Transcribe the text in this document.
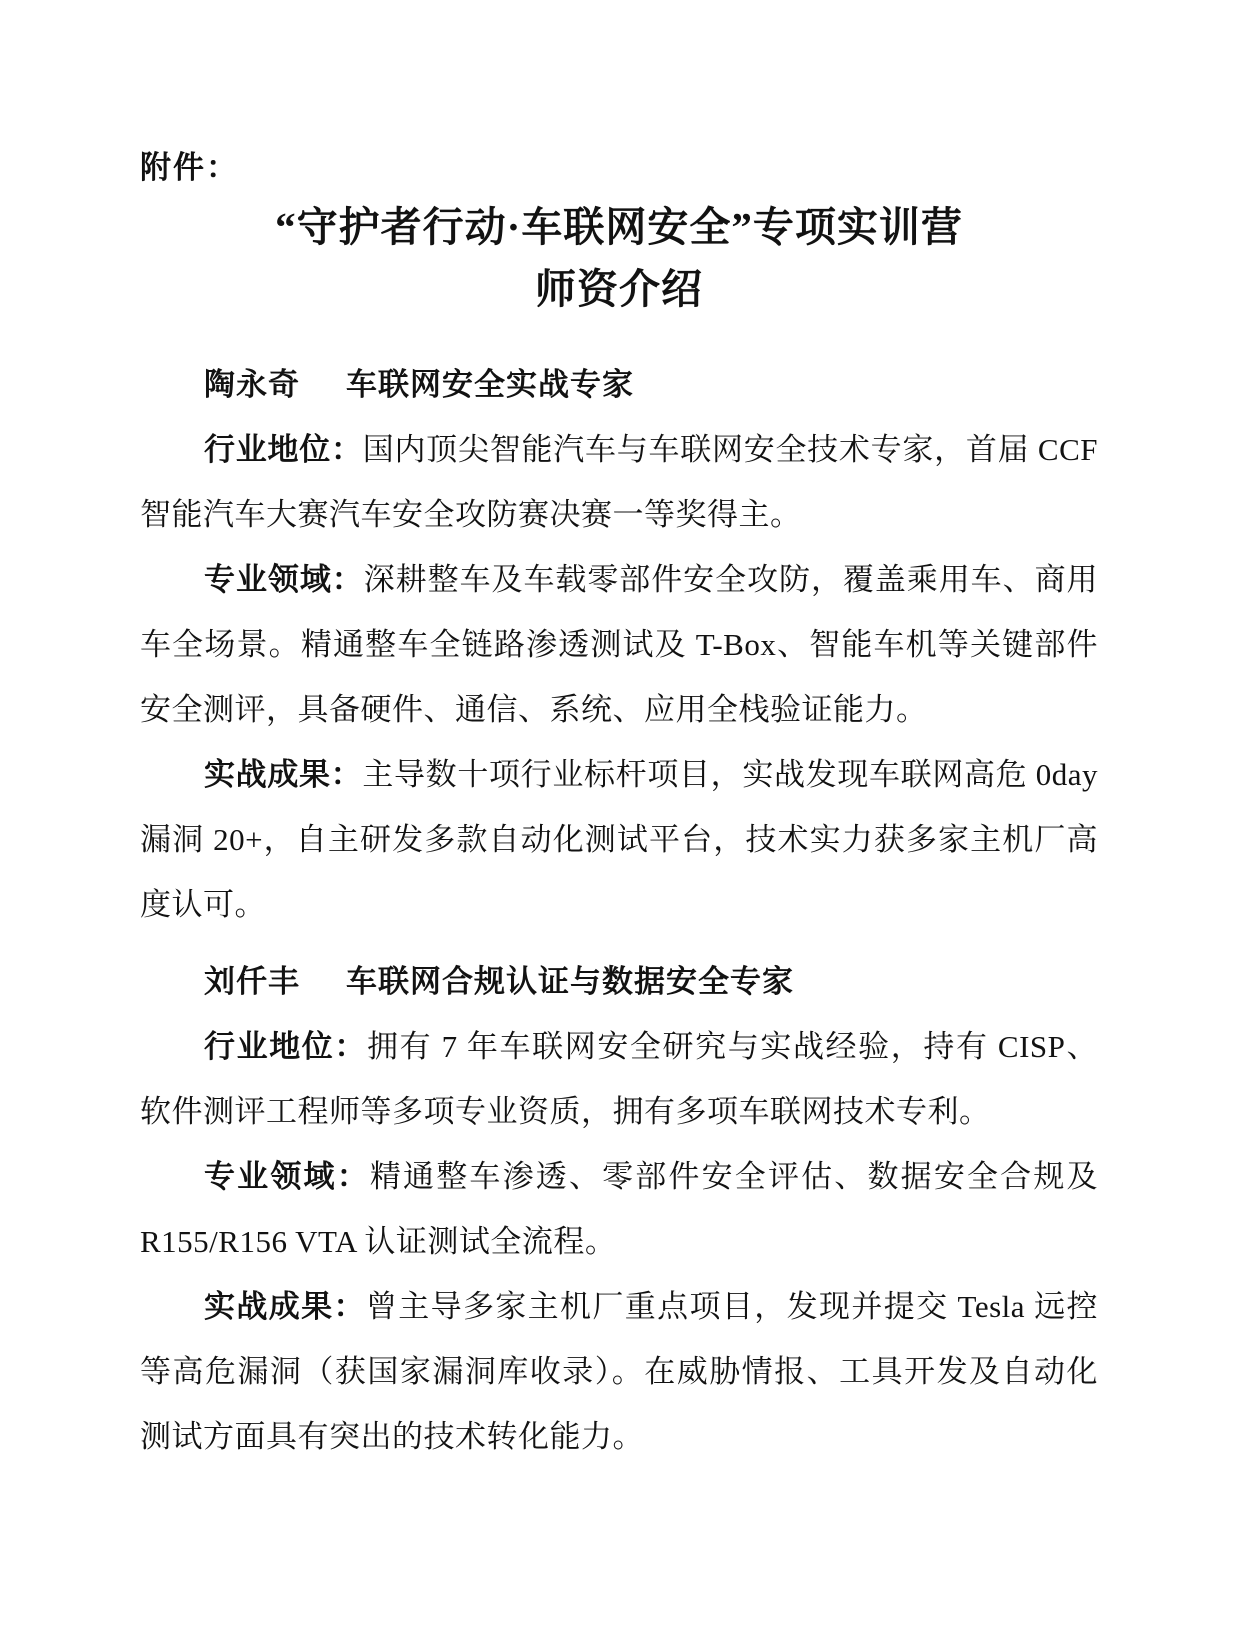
附件：
“守护者行动·车联网安全”专项实训营
师资介绍
陶永奇 车联网安全实战专家

行业地位：国内顶尖智能汽车与车联网安全技术专家，首届 CCF 智能汽车大赛汽车安全攻防赛决赛一等奖得主。

专业领域：深耕整车及车载零部件安全攻防，覆盖乘用车、商用车全场景。精通整车全链路渗透测试及 T-Box、智能车机等关键部件安全测评，具备硬件、通信、系统、应用全栈验证能力。

实战成果：主导数十项行业标杆项目，实战发现车联网高危 0day 漏洞 20+，自主研发多款自动化测试平台，技术实力获多家主机厂高度认可。

刘仟丰 车联网合规认证与数据安全专家

行业地位：拥有 7 年车联网安全研究与实战经验，持有 CISP、软件测评工程师等多项专业资质，拥有多项车联网技术专利。

专业领域：精通整车渗透、零部件安全评估、数据安全合规及 R155/R156 VTA 认证测试全流程。

实战成果：曾主导多家主机厂重点项目，发现并提交 Tesla 远控等高危漏洞（获国家漏洞库收录）。在威胁情报、工具开发及自动化测试方面具有突出的技术转化能力。
